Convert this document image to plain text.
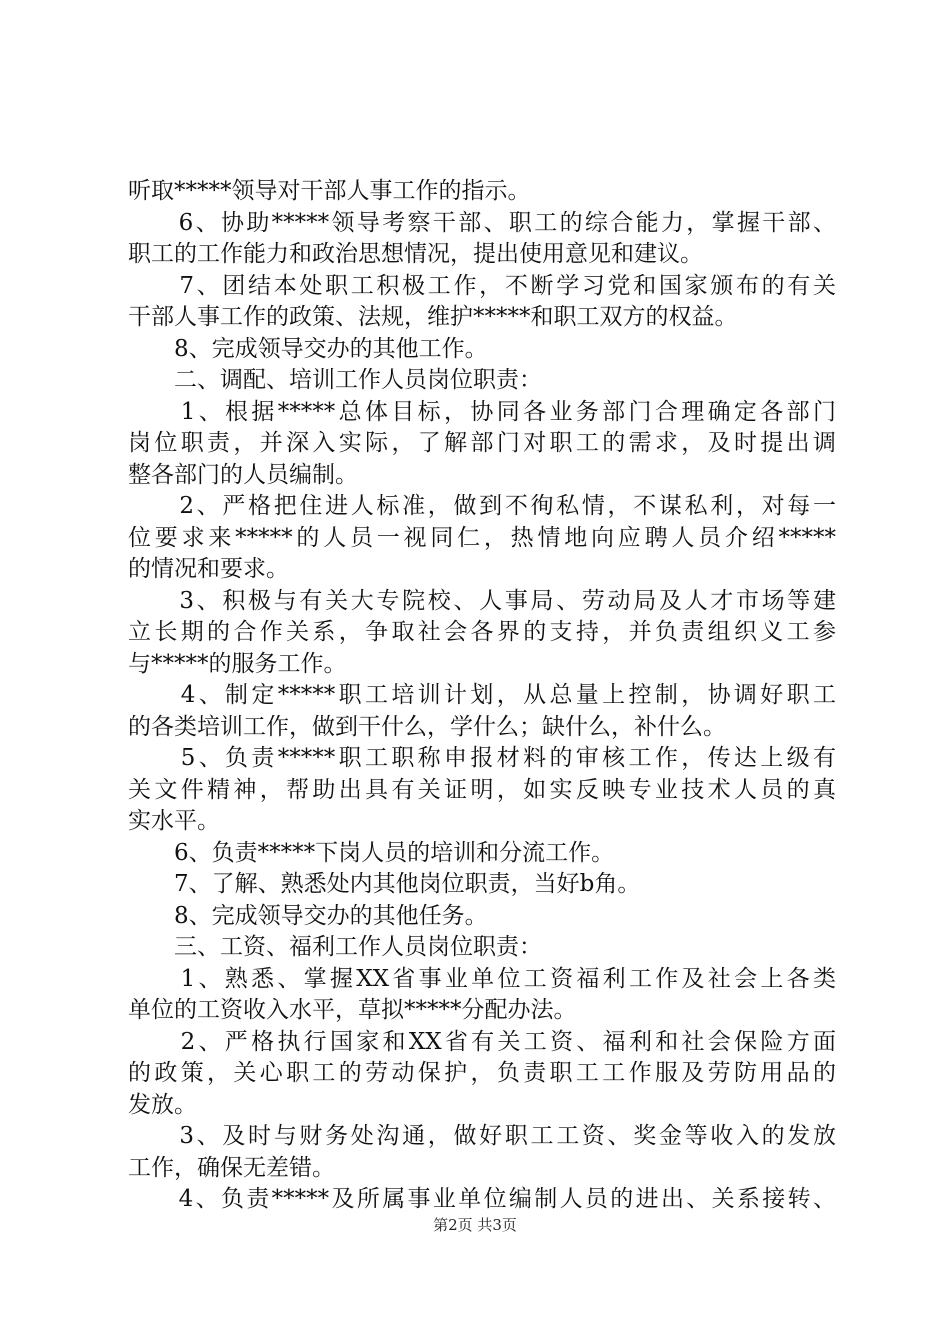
听取*****领导对干部人事工作的指示。
　　6、协助*****领导考察干部、职工的综合能力，掌握干部、
职工的工作能力和政治思想情况，提出使用意见和建议。
　　7、团结本处职工积极工作，不断学习党和国家颁布的有关
干部人事工作的政策、法规，维护*****和职工双方的权益。
　　8、完成领导交办的其他工作。
　　二、调配、培训工作人员岗位职责：
　　1、根据*****总体目标，协同各业务部门合理确定各部门
岗位职责，并深入实际，了解部门对职工的需求，及时提出调
整各部门的人员编制。
　　2、严格把住进人标准，做到不徇私情，不谋私利，对每一
位要求来*****的人员一视同仁，热情地向应聘人员介绍*****
的情况和要求。
　　3、积极与有关大专院校、人事局、劳动局及人才市场等建
立长期的合作关系，争取社会各界的支持，并负责组织义工参
与*****的服务工作。
　　4、制定*****职工培训计划，从总量上控制，协调好职工
的各类培训工作，做到干什么，学什么；缺什么，补什么。
　　5、负责*****职工职称申报材料的审核工作，传达上级有
关文件精神，帮助出具有关证明，如实反映专业技术人员的真
实水平。
　　6、负责*****下岗人员的培训和分流工作。
　　7、了解、熟悉处内其他岗位职责，当好b角。
　　8、完成领导交办的其他任务。
　　三、工资、福利工作人员岗位职责：
　　1、熟悉、掌握XX省事业单位工资福利工作及社会上各类
单位的工资收入水平，草拟*****分配办法。
　　2、严格执行国家和XX省有关工资、福利和社会保险方面
的政策，关心职工的劳动保护，负责职工工作服及劳防用品的
发放。
　　3、及时与财务处沟通，做好职工工资、奖金等收入的发放
工作，确保无差错。
　　4、负责*****及所属事业单位编制人员的进出、关系接转、
第2页 共3页
